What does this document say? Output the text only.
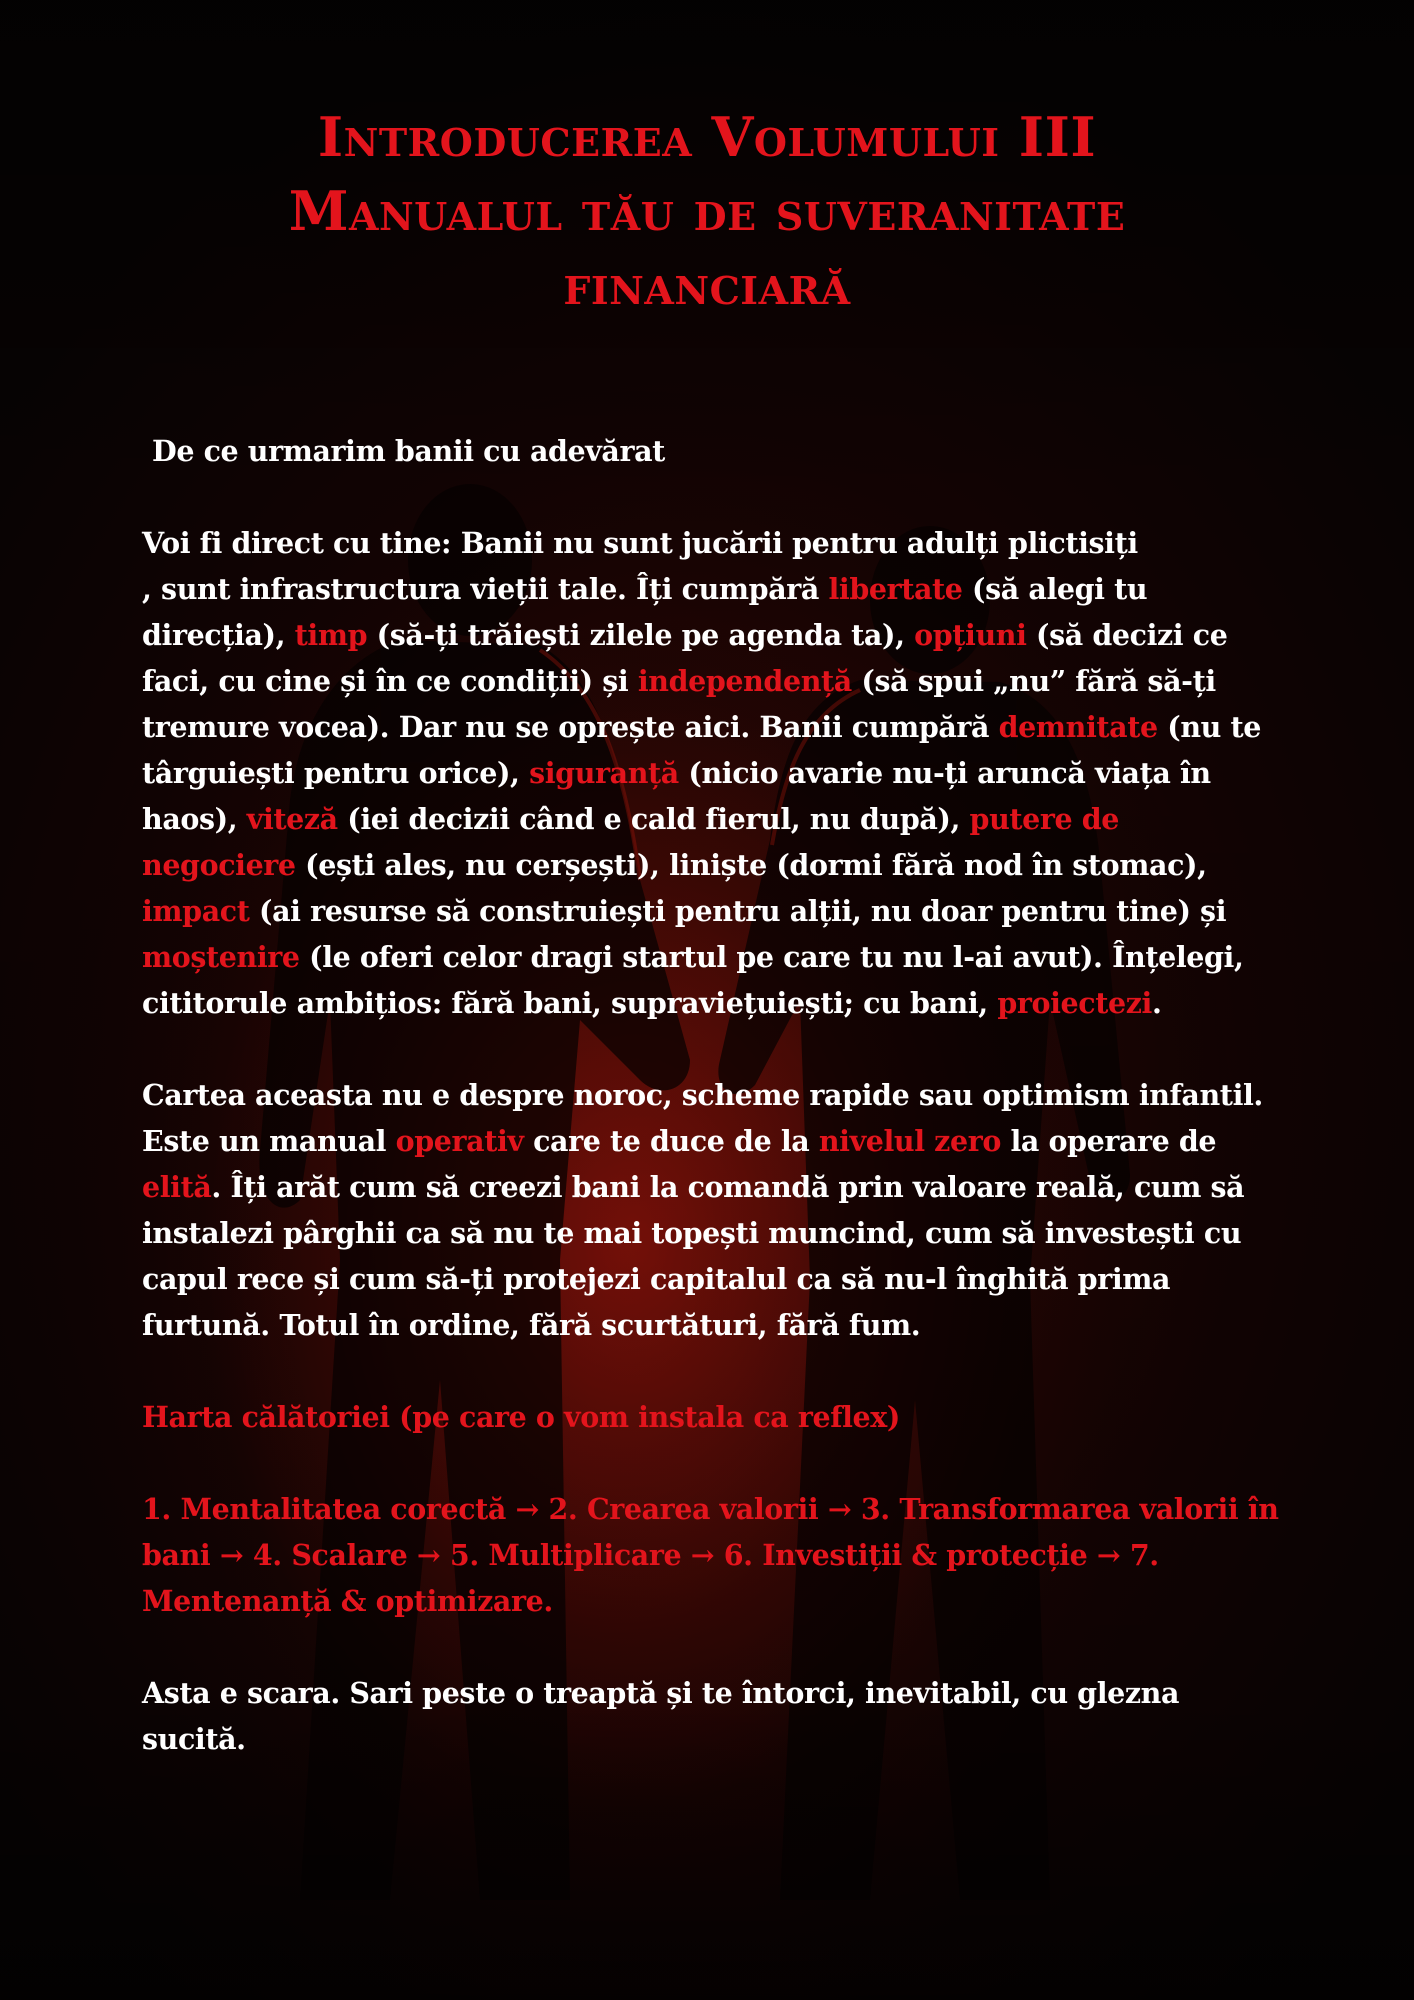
Introducerea Volumului III
Manualul tău de suveranitate
financiară

De ce urmarim banii cu adevărat

Voi fi direct cu tine: Banii nu sunt jucării pentru adulți plictisiți
, sunt infrastructura vieții tale. Îți cumpără libertate (să alegi tu direcția), timp (să-ți trăiești zilele pe agenda ta), opțiuni (să decizi ce faci, cu cine și în ce condiții) și independență (să spui „nu” fără să-ți tremure vocea). Dar nu se oprește aici. Banii cumpără demnitate (nu te târguiești pentru orice), siguranță (nicio avarie nu-ți aruncă viața în haos), viteză (iei decizii când e cald fierul, nu după), putere de negociere (ești ales, nu cerșești), liniște (dormi fără nod în stomac), impact (ai resurse să construiești pentru alții, nu doar pentru tine) și moștenire (le oferi celor dragi startul pe care tu nu l-ai avut). Înțelegi, cititorule ambițios: fără bani, supraviețuiești; cu bani, proiectezi.

Cartea aceasta nu e despre noroc, scheme rapide sau optimism infantil. Este un manual operativ care te duce de la nivelul zero la operare de elită. Îți arăt cum să creezi bani la comandă prin valoare reală, cum să instalezi pârghii ca să nu te mai topești muncind, cum să investești cu capul rece și cum să-ți protejezi capitalul ca să nu-l înghită prima furtună. Totul în ordine, fără scurtături, fără fum.

Harta călătoriei (pe care o vom instala ca reflex)

1. Mentalitatea corectă → 2. Crearea valorii → 3. Transformarea valorii în bani → 4. Scalare → 5. Multiplicare → 6. Investiții & protecție → 7. Mentenanță & optimizare.

Asta e scara. Sari peste o treaptă și te întorci, inevitabil, cu glezna sucită.
